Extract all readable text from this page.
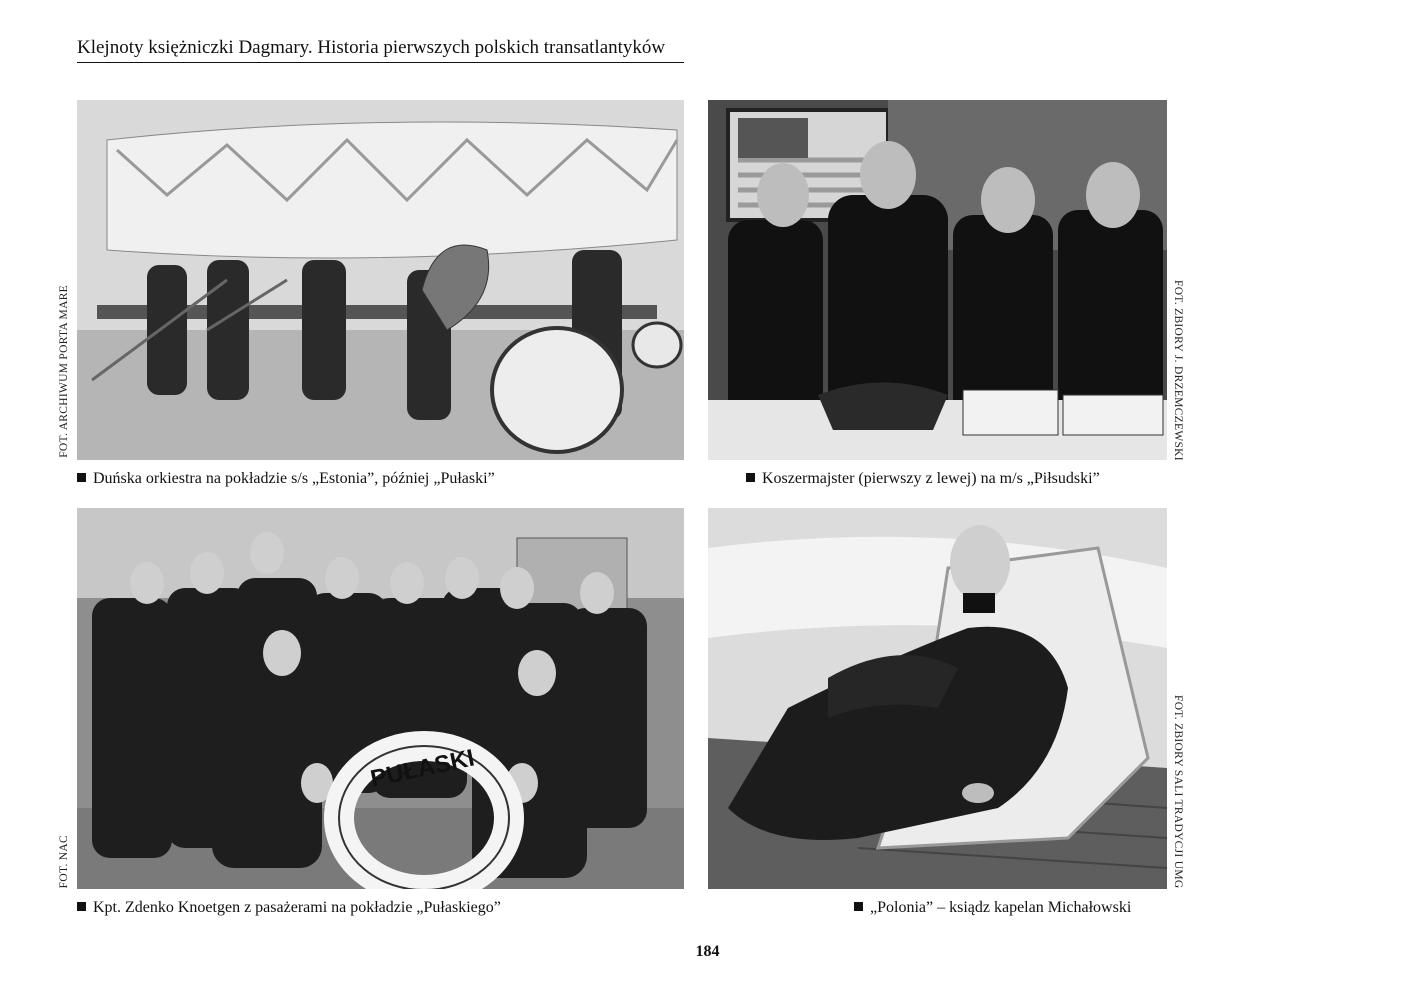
Klejnoty księżniczki Dagmary. Historia pierwszych polskich transatlantyków
Duńska orkiestra na pokładzie s/s „Estonia”, później „Pułaski”
FOT. ARCHIWUM PORTA MARE
Koszermajster (pierwszy z lewej) na m/s „Piłsudski”
FOT. ZBIORY J. DRZEMCZEWSKI
PUŁASKI
Kpt. Zdenko Knoetgen z pasażerami na pokładzie „Pułaskiego”
FOT. NAC
„Polonia” – ksiądz kapelan Michałowski
FOT. ZBIORY SALI TRADYCJI UMG
184
